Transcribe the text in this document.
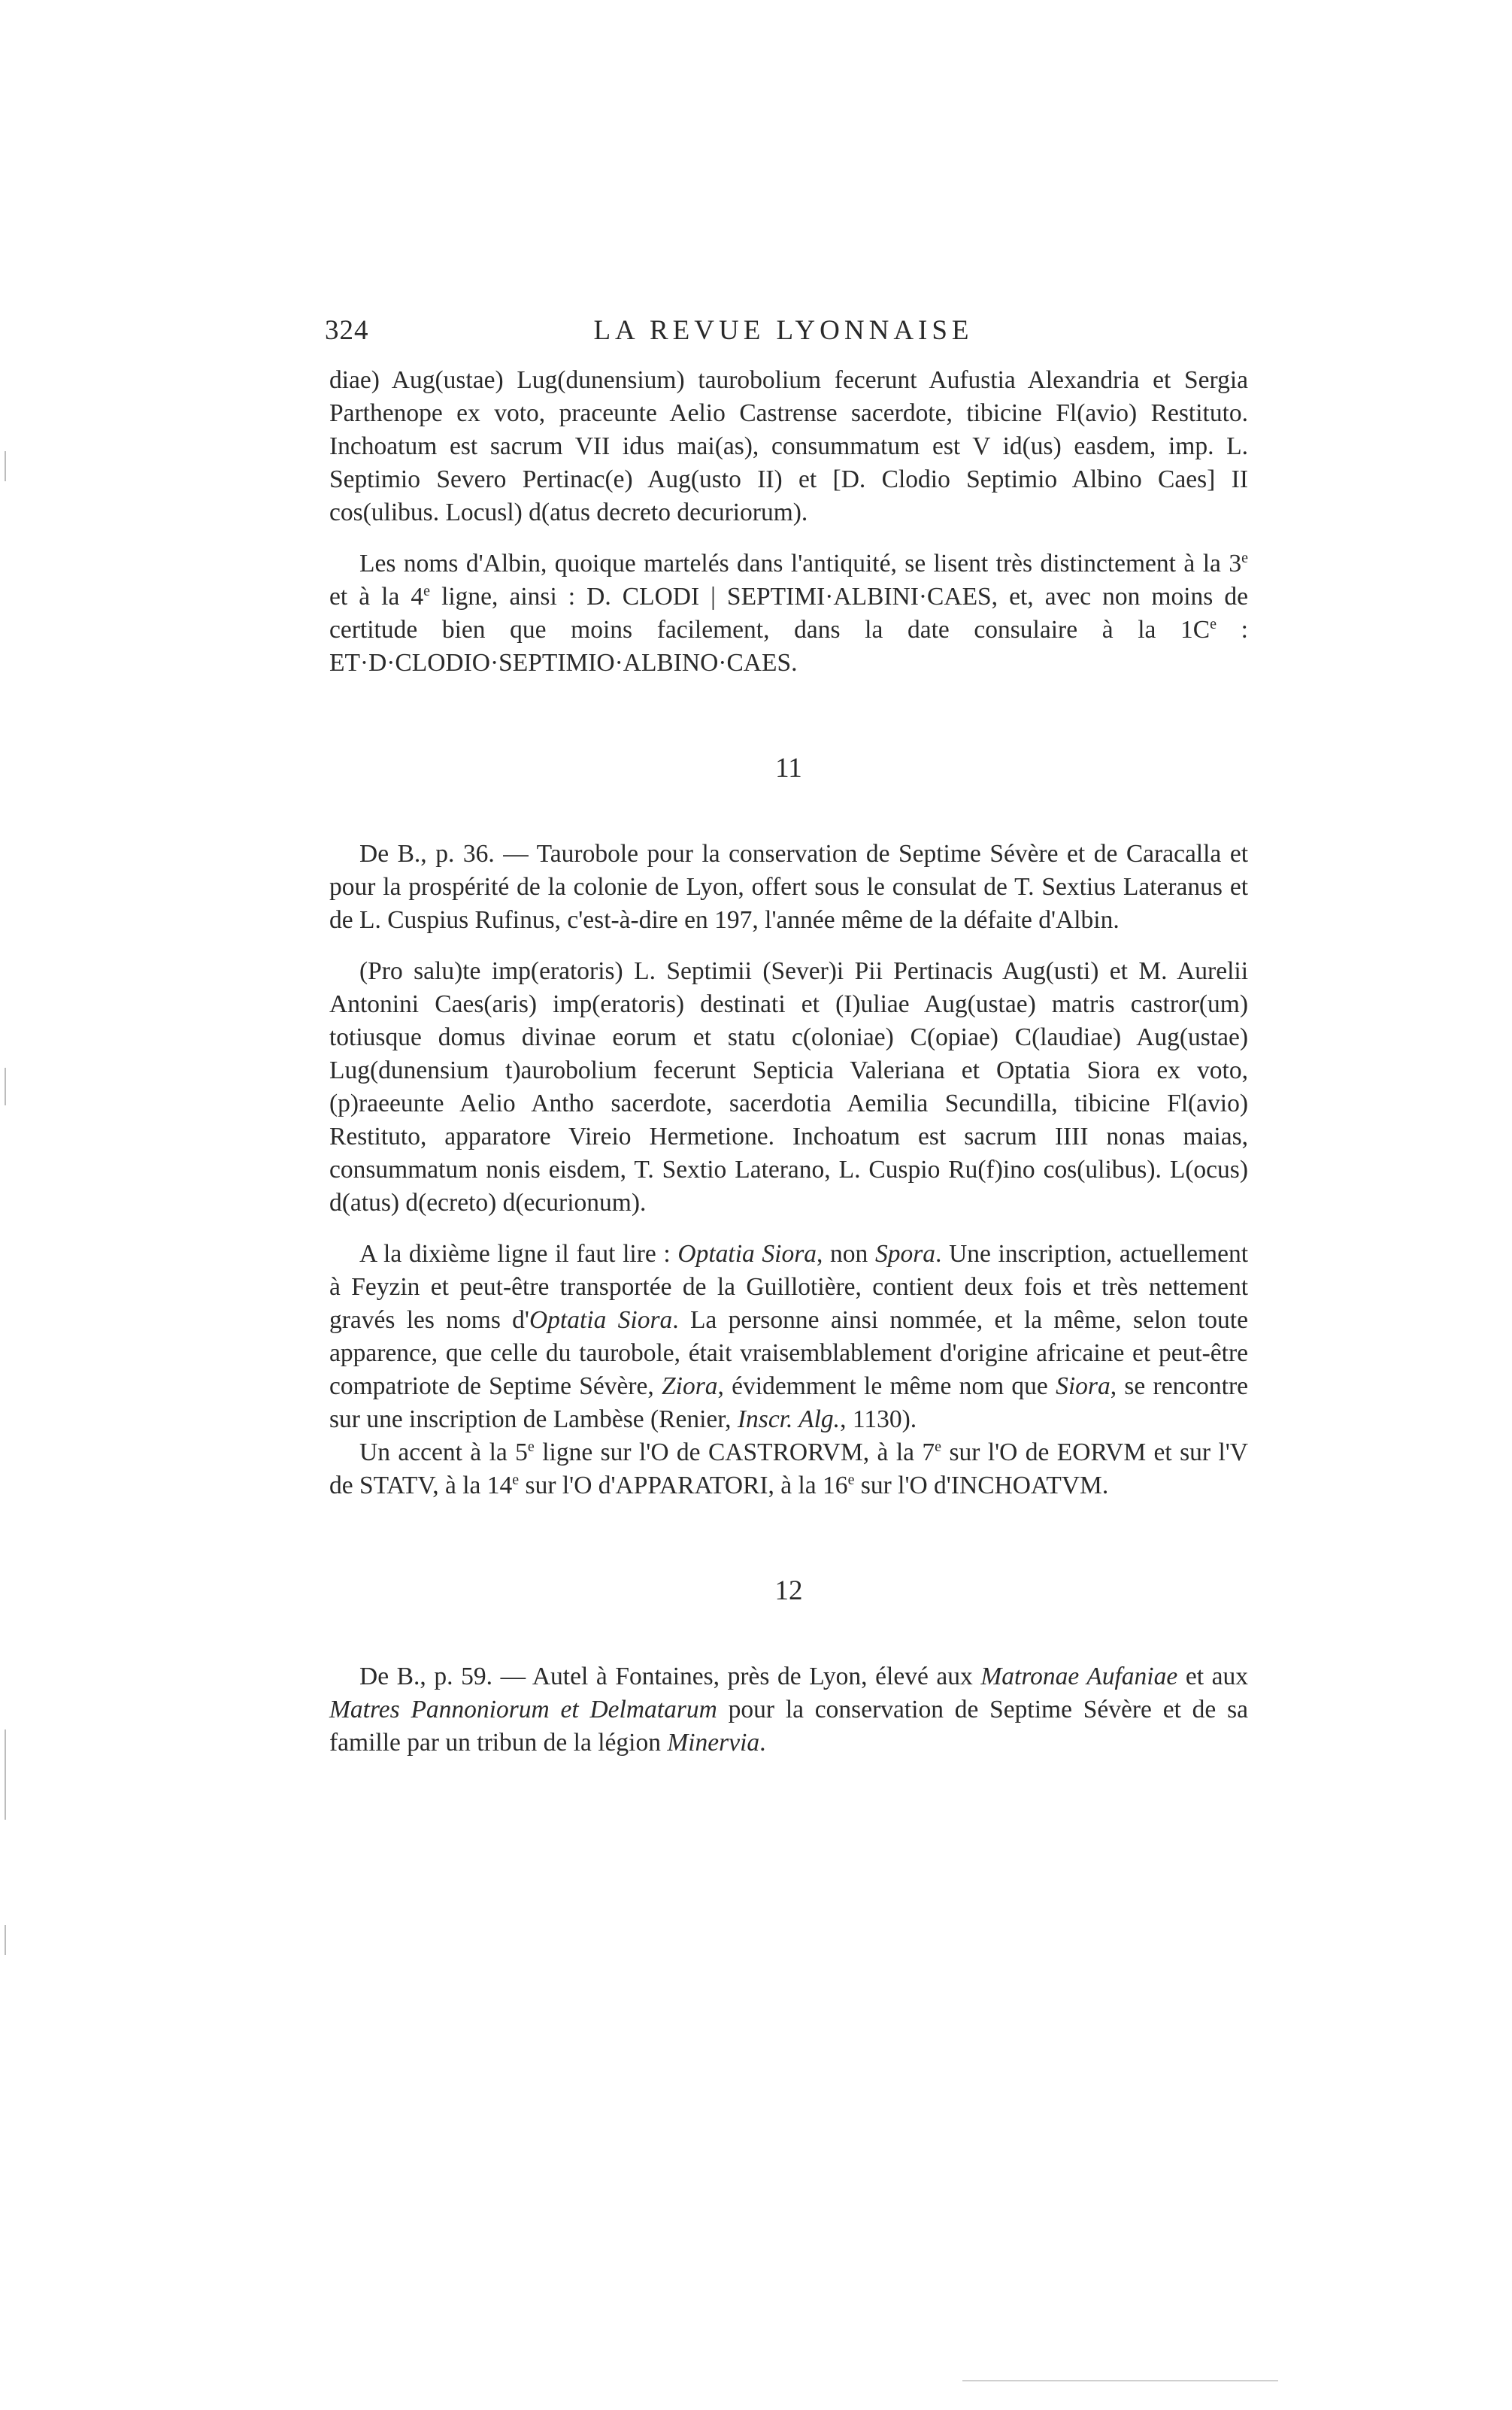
324	LA REVUE LYONNAISE

diae) Aug(ustae) Lug(dunensium) taurobolium fecerunt Aufustia Alexandria et Sergia Parthenope ex voto, praceunte Aelio Castrense sacerdote, tibicine Fl(avio) Restituto. Inchoatum est sacrum VII idus mai(as), consummatum est V id(us) easdem, imp. L. Septimio Severo Pertinac(e) Aug(usto II) et [D. Clodio Septimio Albino Caes] II cos(ulibus. Locusl) d(atus decreto decuriorum).

Les noms d'Albin, quoique martelés dans l'antiquité, se lisent très distinctement à la 3e et à la 4e ligne, ainsi : D. CLODI | SEPTIMI·ALBINI·CAES, et, avec non moins de certitude bien que moins facilement, dans la date consulaire à la 1Ce : ET·D·CLODIO·SEPTIMIO·ALBINO·CAES.

11

De B., p. 36. — Taurobole pour la conservation de Septime Sévère et de Caracalla et pour la prospérité de la colonie de Lyon, offert sous le consulat de T. Sextius Lateranus et de L. Cuspius Rufinus, c'est-à-dire en 197, l'année même de la défaite d'Albin.

(Pro salu)te imp(eratoris) L. Septimii (Sever)i Pii Pertinacis Aug(usti) et M. Aurelii Antonini Caes(aris) imp(eratoris) destinati et (I)uliae Aug(ustae) matris castror(um) totiusque domus divinae eorum et statu c(oloniae) C(opiae) C(laudiae) Aug(ustae) Lug(dunensium t)aurobolium fecerunt Septicia Valeriana et Optatia Siora ex voto, (p)raeeunte Aelio Antho sacerdote, sacerdotia Aemilia Secundilla, tibicine Fl(avio) Restituto, apparatore Vireio Hermetione. Inchoatum est sacrum IIII nonas maias, consummatum nonis eisdem, T. Sextio Laterano, L. Cuspio Ru(f)ino cos(ulibus). L(ocus) d(atus) d(ecreto) d(ecurionum).

A la dixième ligne il faut lire : Optatia Siora, non Spora. Une inscription, actuellement à Feyzin et peut-être transportée de la Guillotière, contient deux fois et très nettement gravés les noms d'Optatia Siora. La personne ainsi nommée, et la même, selon toute apparence, que celle du taurobole, était vraisemblablement d'origine africaine et peut-être compatriote de Septime Sévère, Ziora, évidemment le même nom que Siora, se rencontre sur une inscription de Lambèse (Renier, Inscr. Alg., 1130).

Un accent à la 5e ligne sur l'O de CASTRORVM, à la 7e sur l'O de EORVM et sur l'V de STATV, à la 14e sur l'O d'APPARATORI, à la 16e sur l'O d'INCHOATVM.

12

De B., p. 59. — Autel à Fontaines, près de Lyon, élevé aux Matronae Aufaniae et aux Matres Pannoniorum et Delmatarum pour la conservation de Septime Sévère et de sa famille par un tribun de la légion Minervia.
